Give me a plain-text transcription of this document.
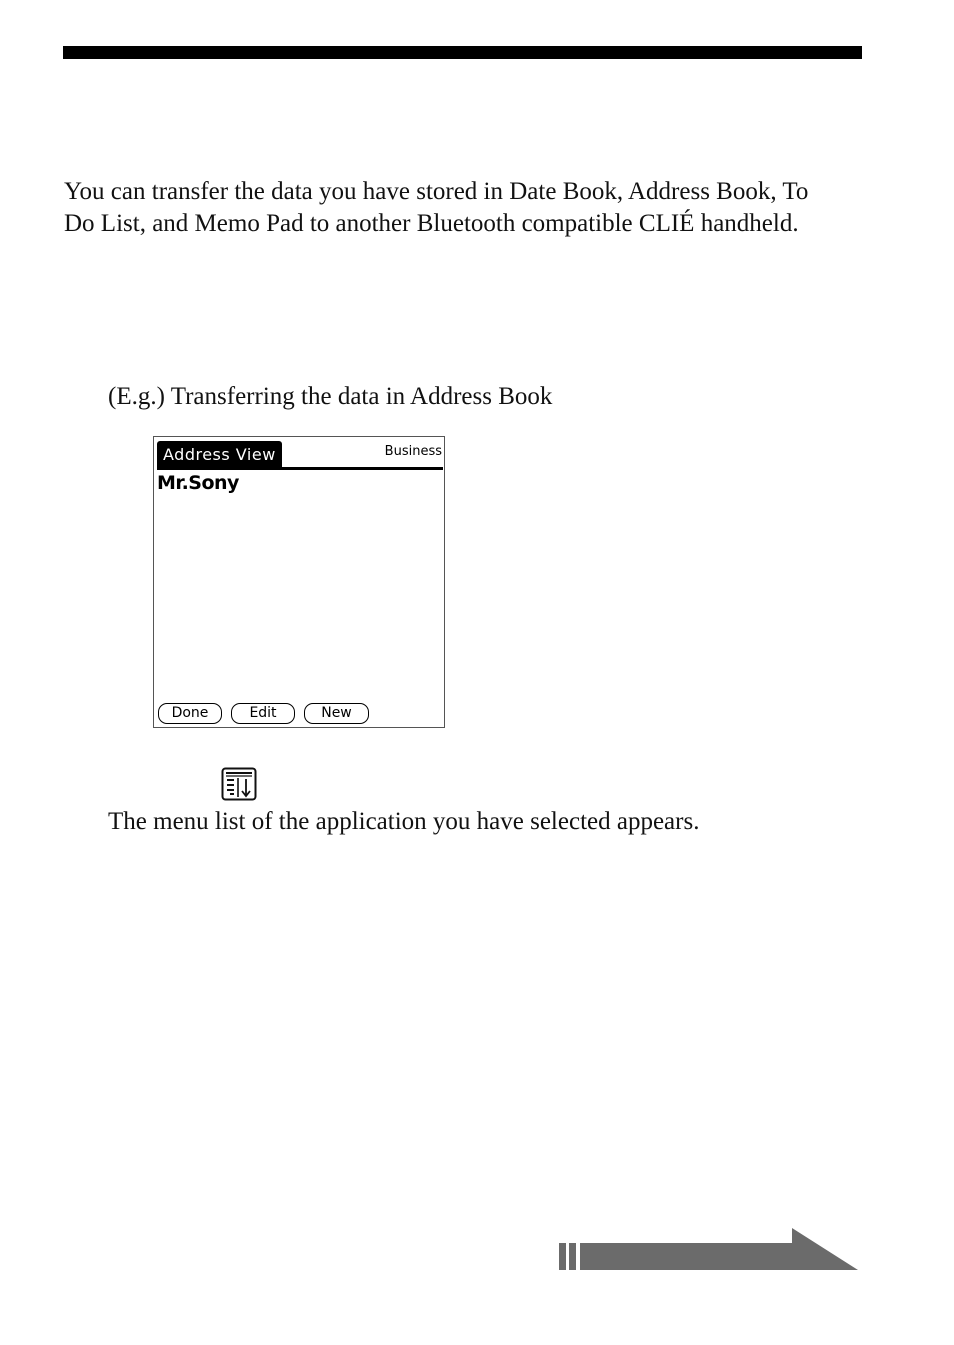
You can transfer the data you have stored in Date Book, Address Book, To Do List, and Memo Pad to another Bluetooth compatible CLIÉ handheld.

(E.g.) Transferring the data in Address Book
Address View	Business
Mr.Sony
Done	Edit	New
The menu list of the application you have selected appears.
